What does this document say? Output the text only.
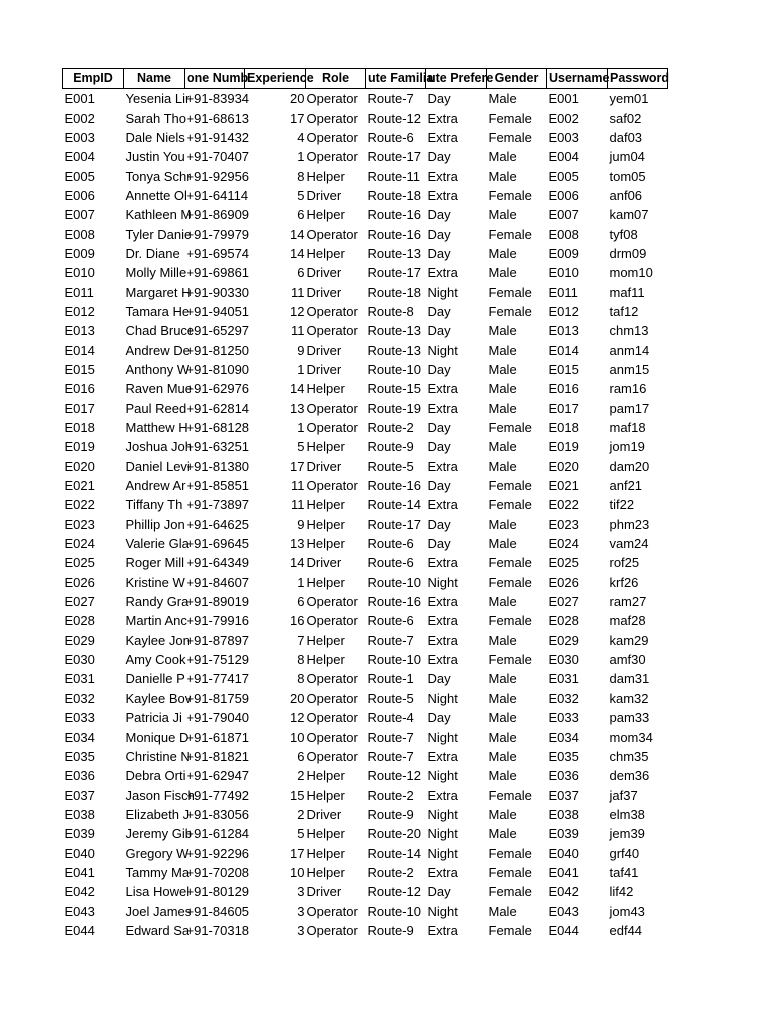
EmpID	Name	one Numb	Experience	Role	ute Familia	ute Prefere	Gender	Username	Password
E001	Yesenia Lir	+91-83934	20	Operator	Route-7	Day	Male	E001	yem01
E002	Sarah Tho	+91-68613	17	Operator	Route-12	Extra	Female	E002	saf02
E003	Dale Niels	+91-91432	4	Operator	Route-6	Extra	Female	E003	daf03
E004	Justin You	+91-70407	1	Operator	Route-17	Day	Male	E004	jum04
E005	Tonya Schr	+91-92956	8	Helper	Route-11	Extra	Male	E005	tom05
E006	Annette Ol	+91-64114	5	Driver	Route-18	Extra	Female	E006	anf06
E007	Kathleen M	+91-86909	6	Helper	Route-16	Day	Male	E007	kam07
E008	Tyler Danie	+91-79979	14	Operator	Route-16	Day	Female	E008	tyf08
E009	Dr. Diane	+91-69574	14	Helper	Route-13	Day	Male	E009	drm09
E010	Molly Mille	+91-69861	6	Driver	Route-17	Extra	Male	E010	mom10
E011	Margaret H	+91-90330	11	Driver	Route-18	Night	Female	E011	maf11
E012	Tamara He	+91-94051	12	Operator	Route-8	Day	Female	E012	taf12
E013	Chad Bruce	+91-65297	11	Operator	Route-13	Day	Male	E013	chm13
E014	Andrew De	+91-81250	9	Driver	Route-13	Night	Male	E014	anm14
E015	Anthony W	+91-81090	1	Driver	Route-10	Day	Male	E015	anm15
E016	Raven Mue	+91-62976	14	Helper	Route-15	Extra	Male	E016	ram16
E017	Paul Reed	+91-62814	13	Operator	Route-19	Extra	Male	E017	pam17
E018	Matthew H	+91-68128	1	Operator	Route-2	Day	Female	E018	maf18
E019	Joshua Joh	+91-63251	5	Helper	Route-9	Day	Male	E019	jom19
E020	Daniel Levi	+91-81380	17	Driver	Route-5	Extra	Male	E020	dam20
E021	Andrew Ar	+91-85851	11	Operator	Route-16	Day	Female	E021	anf21
E022	Tiffany Th	+91-73897	11	Helper	Route-14	Extra	Female	E022	tif22
E023	Phillip Jon	+91-64625	9	Helper	Route-17	Day	Male	E023	phm23
E024	Valerie Gla	+91-69645	13	Helper	Route-6	Day	Male	E024	vam24
E025	Roger Mill	+91-64349	14	Driver	Route-6	Extra	Female	E025	rof25
E026	Kristine W	+91-84607	1	Helper	Route-10	Night	Female	E026	krf26
E027	Randy Gra	+91-89019	6	Operator	Route-16	Extra	Male	E027	ram27
E028	Martin Anc	+91-79916	16	Operator	Route-6	Extra	Female	E028	maf28
E029	Kaylee Jon	+91-87897	7	Helper	Route-7	Extra	Male	E029	kam29
E030	Amy Cook	+91-75129	8	Helper	Route-10	Extra	Female	E030	amf30
E031	Danielle P	+91-77417	8	Operator	Route-1	Day	Male	E031	dam31
E032	Kaylee Bov	+91-81759	20	Operator	Route-5	Night	Male	E032	kam32
E033	Patricia Ji	+91-79040	12	Operator	Route-4	Day	Male	E033	pam33
E034	Monique D	+91-61871	10	Operator	Route-7	Night	Male	E034	mom34
E035	Christine N	+91-81821	6	Operator	Route-7	Extra	Male	E035	chm35
E036	Debra Orti	+91-62947	2	Helper	Route-12	Night	Male	E036	dem36
E037	Jason Fisch	+91-77492	15	Helper	Route-2	Extra	Female	E037	jaf37
E038	Elizabeth J	+91-83056	2	Driver	Route-9	Night	Male	E038	elm38
E039	Jeremy Gib	+91-61284	5	Helper	Route-20	Night	Male	E039	jem39
E040	Gregory W	+91-92296	17	Helper	Route-14	Night	Female	E040	grf40
E041	Tammy Ma	+91-70208	10	Helper	Route-2	Extra	Female	E041	taf41
E042	Lisa Howel	+91-80129	3	Driver	Route-12	Day	Female	E042	lif42
E043	Joel James	+91-84605	3	Operator	Route-10	Night	Male	E043	jom43
E044	Edward Sa	+91-70318	3	Operator	Route-9	Extra	Female	E044	edf44
